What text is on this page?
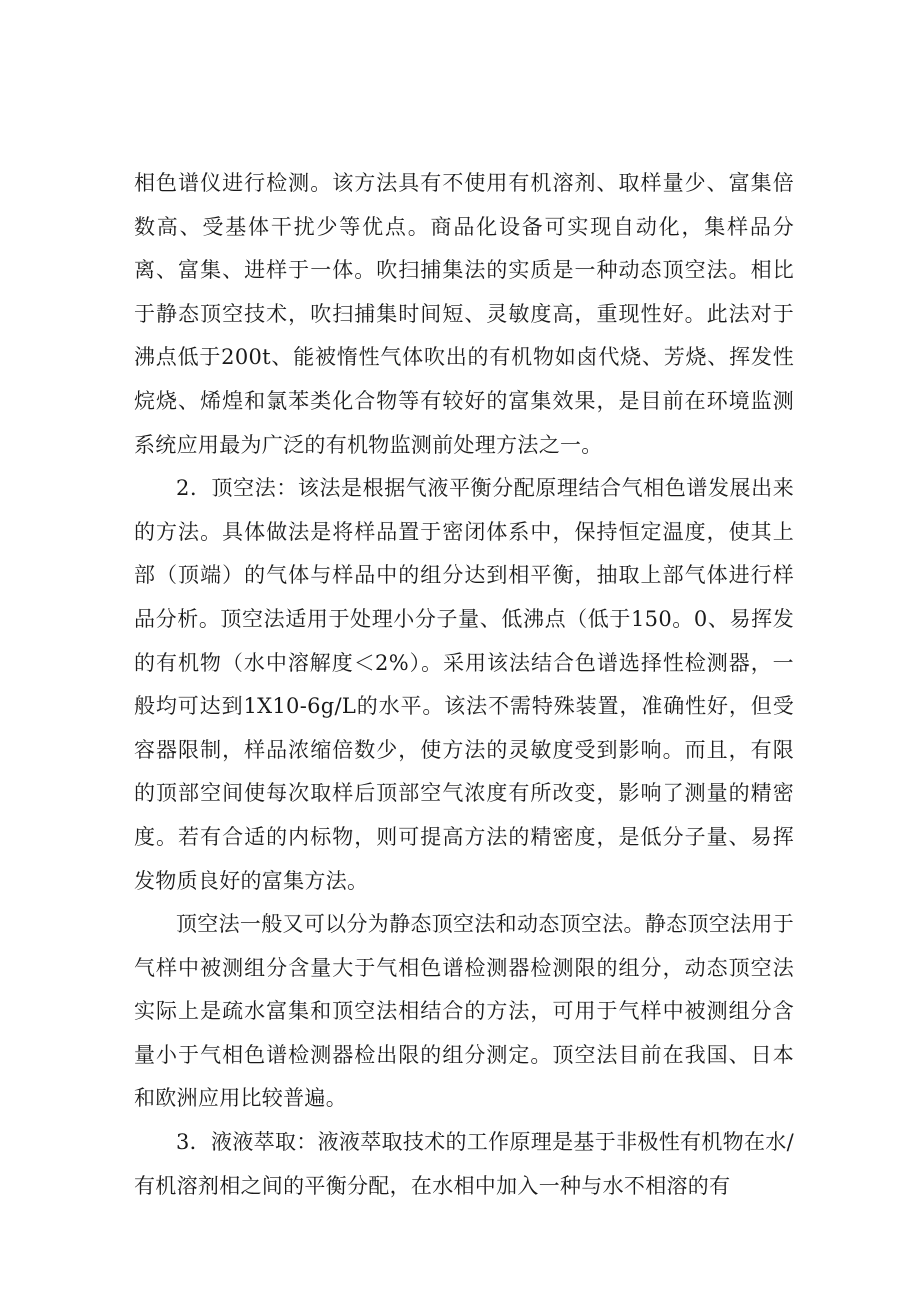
相色谱仪进行检测。该方法具有不使用有机溶剂、取样量少、富集倍数高、受基体干扰少等优点。商品化设备可实现自动化，集样品分离、富集、进样于一体。吹扫捕集法的实质是一种动态顶空法。相比于静态顶空技术，吹扫捕集时间短、灵敏度高，重现性好。此法对于沸点低于200t、能被惰性气体吹出的有机物如卤代烧、芳烧、挥发性烷烧、烯煌和氯苯类化合物等有较好的富集效果，是目前在环境监测系统应用最为广泛的有机物监测前处理方法之一。

2．顶空法：该法是根据气液平衡分配原理结合气相色谱发展出来的方法。具体做法是将样品置于密闭体系中，保持恒定温度，使其上部（顶端）的气体与样品中的组分达到相平衡，抽取上部气体进行样品分析。顶空法适用于处理小分子量、低沸点（低于150。0、易挥发的有机物（水中溶解度＜2%）。采用该法结合色谱选择性检测器，一般均可达到1X10-6g/L的水平。该法不需特殊装置，准确性好，但受容器限制，样品浓缩倍数少，使方法的灵敏度受到影响。而且，有限的顶部空间使每次取样后顶部空气浓度有所改变，影响了测量的精密度。若有合适的内标物，则可提高方法的精密度，是低分子量、易挥发物质良好的富集方法。

顶空法一般又可以分为静态顶空法和动态顶空法。静态顶空法用于气样中被测组分含量大于气相色谱检测器检测限的组分，动态顶空法实际上是疏水富集和顶空法相结合的方法，可用于气样中被测组分含量小于气相色谱检测器检出限的组分测定。顶空法目前在我国、日本和欧洲应用比较普遍。

3．液液萃取：液液萃取技术的工作原理是基于非极性有机物在水/有机溶剂相之间的平衡分配，在水相中加入一种与水不相溶的有
